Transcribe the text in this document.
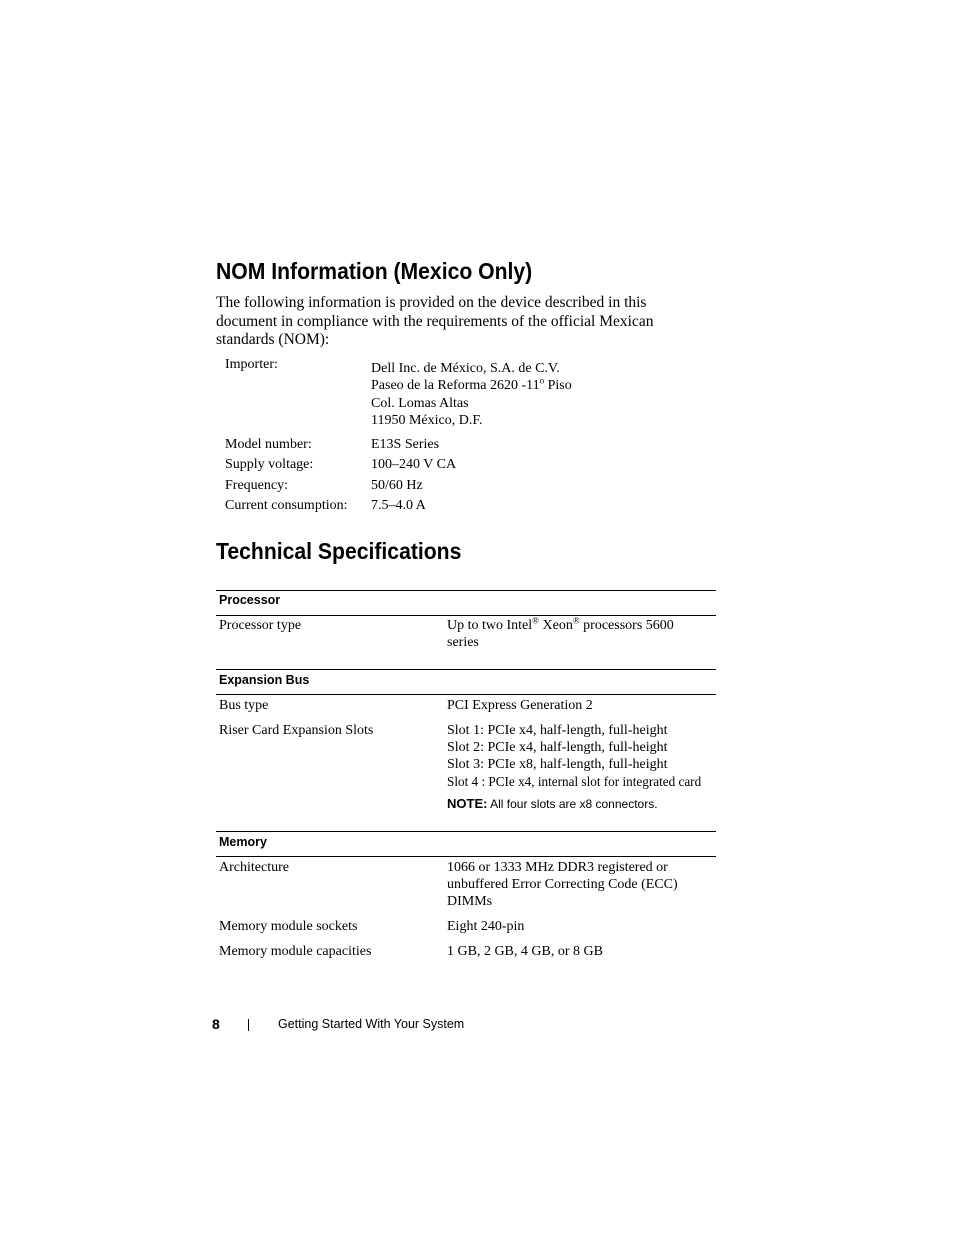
NOM Information (Mexico Only)

The following information is provided on the device described in this document in compliance with the requirements of the official Mexican standards (NOM):

Importer:	Dell Inc. de México, S.A. de C.V.
Paseo de la Reforma 2620 -11$^o$ Piso
Col. Lomas Altas
11950 México, D.F.
Model number:	E13S Series
Supply voltage:	100–240 V CA
Frequency:	50/60 Hz
Current consumption: 7.5–4.0 A
Technical Specifications
Processor
Processor type	Up to two Intel® Xeon® processors 5600
series
Expansion Bus
Bus type	PCI Express Generation 2
Riser Card Expansion Slots	Slot 1: PCIe x4, half-length, full-height
Slot 2: PCIe x4, half-length, full-height
Slot 3: PCIe x8, half-length, full-height
Slot 4 : PCIe x4, internal slot for integrated card
NOTE: All four slots are x8 connectors.
Memory
Architecture	1066 or 1333 MHz DDR3 registered or
unbuffered Error Correcting Code (ECC)
DIMMs
Memory module sockets	Eight 240-pin
Memory module capacities	1 GB, 2 GB, 4 GB, or 8 GB
8	Getting Started With Your System
